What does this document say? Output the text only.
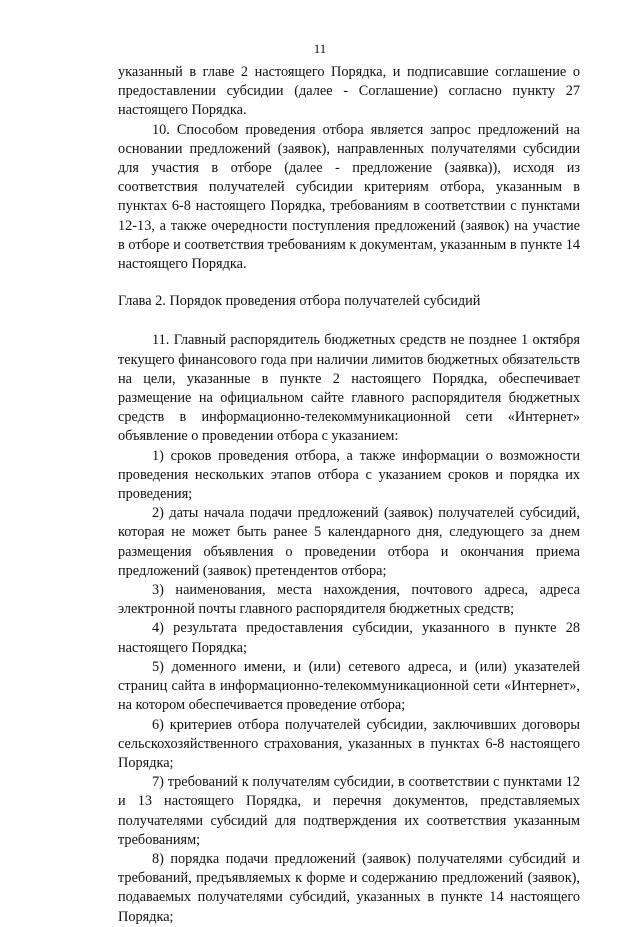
11

указанный в главе 2 настоящего Порядка, и подписавшие соглашение о предоставлении субсидии (далее - Соглашение) согласно пункту 27 настоящего Порядка.

10. Способом проведения отбора является запрос предложений на основании предложений (заявок), направленных получателями субсидии для участия в отборе (далее - предложение (заявка)), исходя из соответствия получателей субсидии критериям отбора, указанным в пунктах 6-8 настоящего Порядка, требованиям в соответствии с пунктами 12-13, а также очередности поступления предложений (заявок) на участие в отборе и соответствия требованиям к документам, указанным в пункте 14 настоящего Порядка.

Глава 2. Порядок проведения отбора получателей субсидий

11. Главный распорядитель бюджетных средств не позднее 1 октября текущего финансового года при наличии лимитов бюджетных обязательств на цели, указанные в пункте 2 настоящего Порядка, обеспечивает размещение на официальном сайте главного распорядителя бюджетных средств в информационно-телекоммуникационной сети «Интернет» объявление о проведении отбора с указанием:

1) сроков проведения отбора, а также информации о возможности проведения нескольких этапов отбора с указанием сроков и порядка их проведения;

2) даты начала подачи предложений (заявок) получателей субсидий, которая не может быть ранее 5 календарного дня, следующего за днем размещения объявления о проведении отбора и окончания приема предложений (заявок) претендентов отбора;

3) наименования, места нахождения, почтового адреса, адреса электронной почты главного распорядителя бюджетных средств;

4) результата предоставления субсидии, указанного в пункте 28 настоящего Порядка;

5) доменного имени, и (или) сетевого адреса, и (или) указателей страниц сайта в информационно-телекоммуникационной сети «Интернет», на котором обеспечивается проведение отбора;

6) критериев отбора получателей субсидии, заключивших договоры сельскохозяйственного страхования, указанных в пунктах 6-8 настоящего Порядка;

7) требований к получателям субсидии, в соответствии с пунктами 12 и 13 настоящего Порядка, и перечня документов, представляемых получателями субсидий для подтверждения их соответствия указанным требованиям;

8) порядка подачи предложений (заявок) получателями субсидий и требований, предъявляемых к форме и содержанию предложений (заявок), подаваемых получателями субсидий, указанных в пункте 14 настоящего Порядка;
